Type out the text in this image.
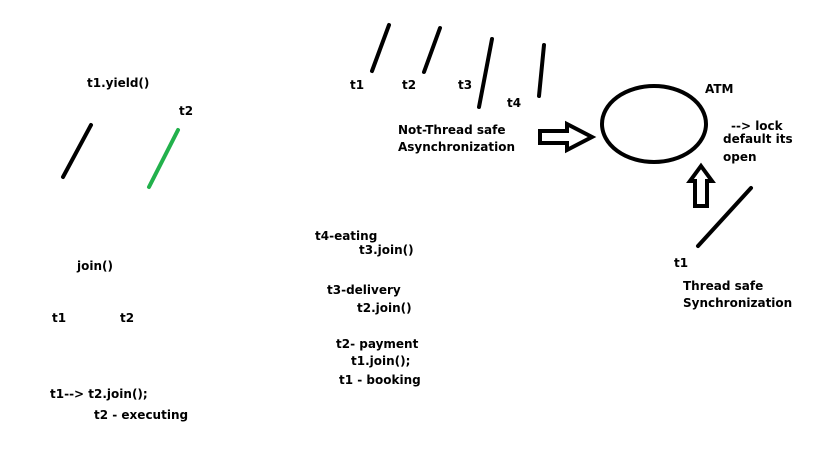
t1.yield()
t2
join()
t1	t2
t1--> t2.join();
t2 - executing
t1	t2	t3
t4
Not-Thread safe
Asynchronization
ATM
--> lock
default its
open
t1
Thread safe
Synchronization
t4-eating
t3.join()
t3-delivery
t2.join()
t2- payment
t1.join();
t1 - booking
